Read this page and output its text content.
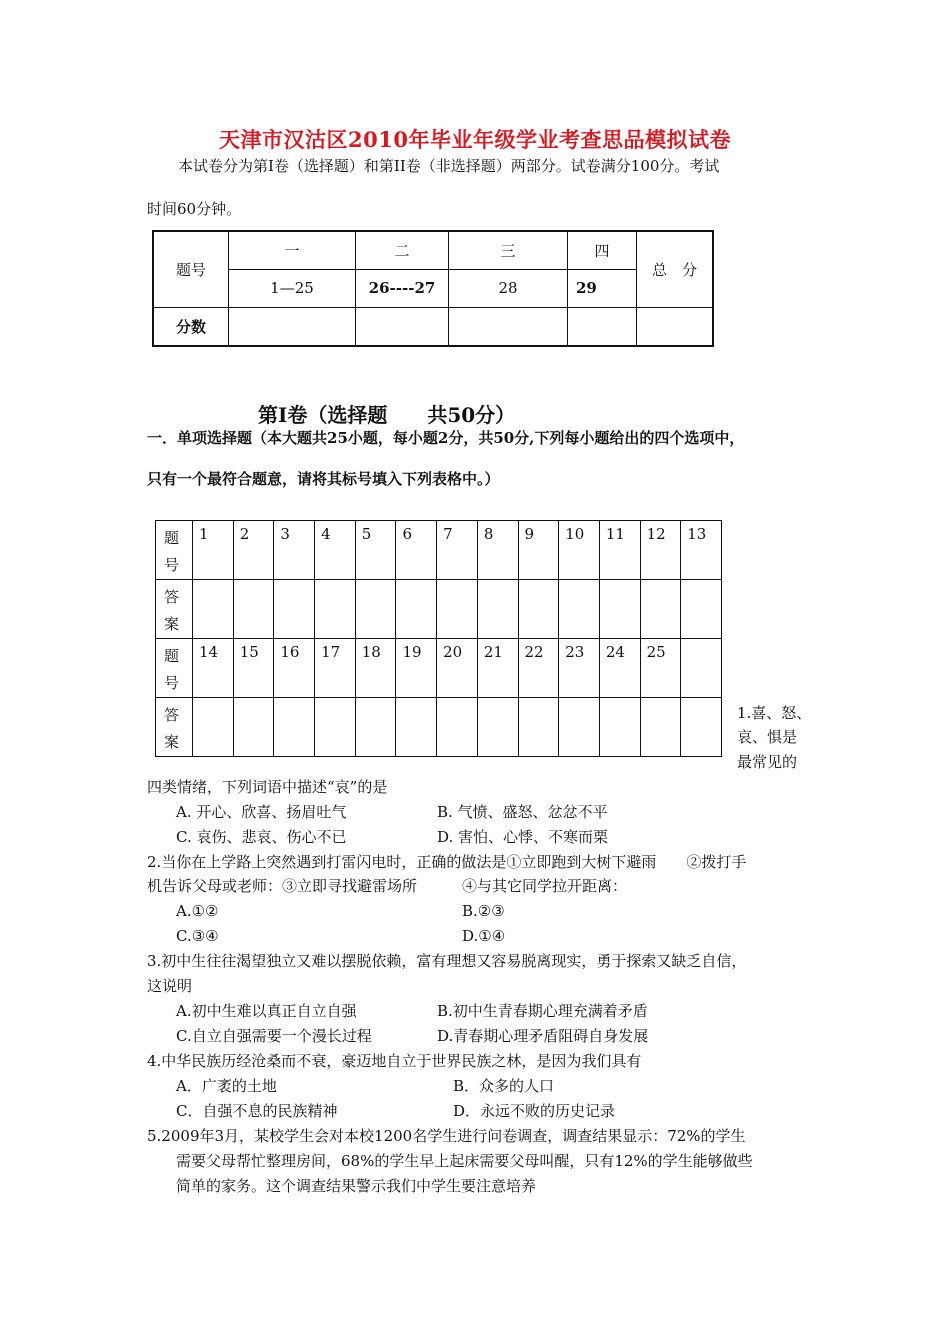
天津市汉沽区2010年毕业年级学业考查思品模拟试卷
本试卷分为第I卷（选择题）和第II卷（非选择题）两部分。试卷满分100分。考试
时间60分钟。
题号	一	二	三	四	总　分
	1—25	26----27	28	29	
分数					
第I卷（选择题　　共50分）
一．单项选择题（本大题共25小题，每小题2分，共50分,下列每小题给出的四个选项中，
只有一个最符合题意，请将其标号填入下列表格中。）
题
号	1	2	3	4	5	6	7	8	9	10	11	12	13
答
案													
题
号	14	15	16	17	18	19	20	21	22	23	24	25	
答
案													
1.喜、怒、
哀、惧是
最常见的
四类情绪，下列词语中描述“哀”的是
A. 开心、欣喜、扬眉吐气	B. 气愤、盛怒、忿忿不平
C. 哀伤、悲哀、伤心不已	D. 害怕、心悸、不寒而栗
2.当你在上学路上突然遇到打雷闪电时，正确的做法是①立即跑到大树下避雨　　②拨打手
机告诉父母或老师：③立即寻找避雷场所　　　④与其它同学拉开距离：
A.①②	B.②③
C.③④	D.①④
3.初中生往往渴望独立又难以摆脱依赖，富有理想又容易脱离现实，勇于探索又缺乏自信，
这说明
A.初中生难以真正自立自强	B.初中生青春期心理充满着矛盾
C.自立自强需要一个漫长过程	D.青春期心理矛盾阻碍自身发展
4.中华民族历经沧桑而不衰，豪迈地自立于世界民族之林，是因为我们具有
A．广袤的土地	B．众多的人口
C．自强不息的民族精神	D．永远不败的历史记录
5.2009年3月，某校学生会对本校1200名学生进行问卷调查，调查结果显示：72%的学生
需要父母帮忙整理房间，68%的学生早上起床需要父母叫醒，只有12%的学生能够做些
简单的家务。这个调查结果警示我们中学生要注意培养
